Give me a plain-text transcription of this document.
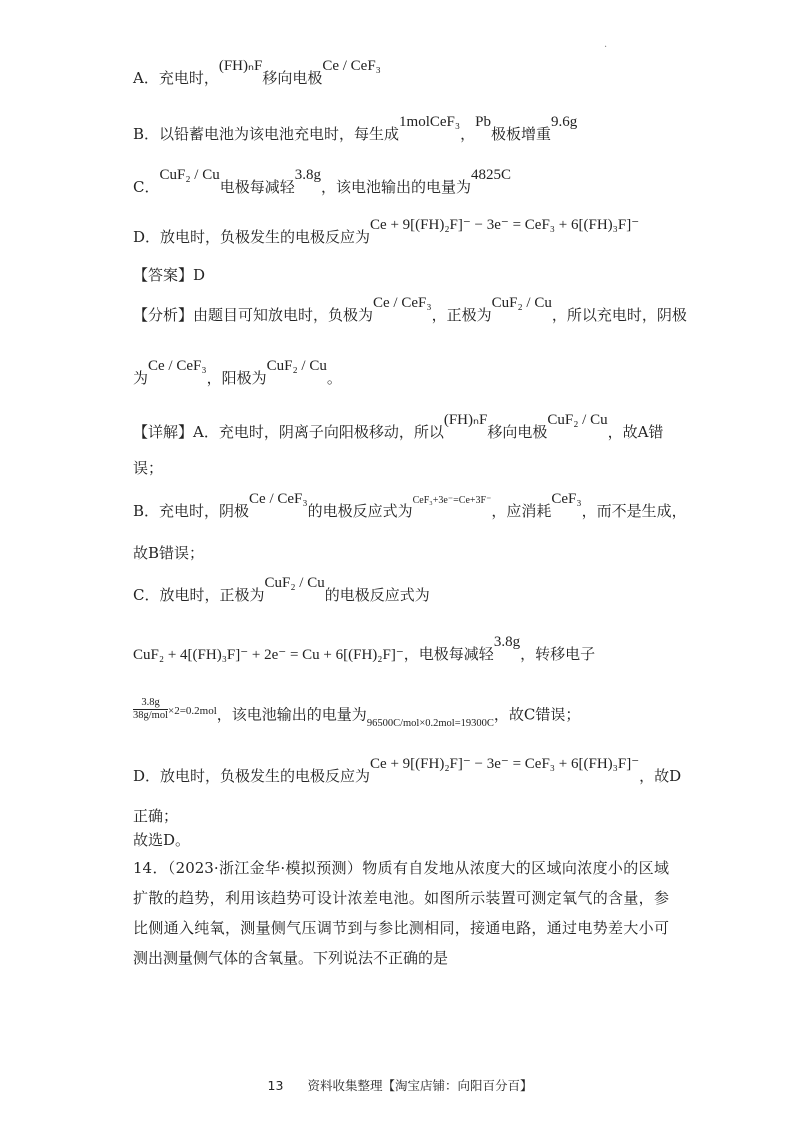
·
A．充电时，(FH)ₙF移向电极Ce / CeF₃
B．以铅蓄电池为该电池充电时，每生成1molCeF₃，Pb极板增重9.6g
C．CuF₂ / Cu电极每减轻3.8g，该电池输出的电量为4825C
D．放电时，负极发生的电极反应为Ce + 9[(FH)₂F]⁻ − 3e⁻ = CeF₃ + 6[(FH)₃F]⁻
【答案】D
【分析】由题目可知放电时，负极为Ce / CeF₃，正极为CuF₂ / Cu，所以充电时，阴极
为Ce / CeF₃，阳极为CuF₂ / Cu。
【详解】A．充电时，阴离子向阳极移动，所以(FH)ₙF移向电极CuF₂ / Cu，故A错
误；
B．充电时，阴极Ce / CeF₃的电极反应式为$^{CeF_3+3e^-=Ce+3F^-}$，应消耗CeF₃，而不是生成，
故B错误；
C．放电时，正极为CuF₂ / Cu的电极反应式为
CuF₂ + 4[(FH)₃F]⁻ + 2e⁻ = Cu + 6[(FH)₂F]⁻，电极每减轻3.8g，转移电子
3.8g
38g/mol $^{\times 2=0.2mol}$，该电池输出的电量为$_{96500C/mol\times 0.2mol=19300C}$，故C错误；
D．放电时，负极发生的电极反应为Ce + 9[(FH)₂F]⁻ − 3e⁻ = CeF₃ + 6[(FH)₃F]⁻，故D
正确；
故选D。
14．（2023·浙江金华·模拟预测）物质有自发地从浓度大的区域向浓度小的区域扩散的趋势，利用该趋势可设计浓差电池。如图所示装置可测定氧气的含量，参比侧通入纯氧，测量侧气压调节到与参比测相同，接通电路，通过电势差大小可测出测量侧气体的含氧量。下列说法不正确的是
13 资料收集整理【淘宝店铺：向阳百分百】
